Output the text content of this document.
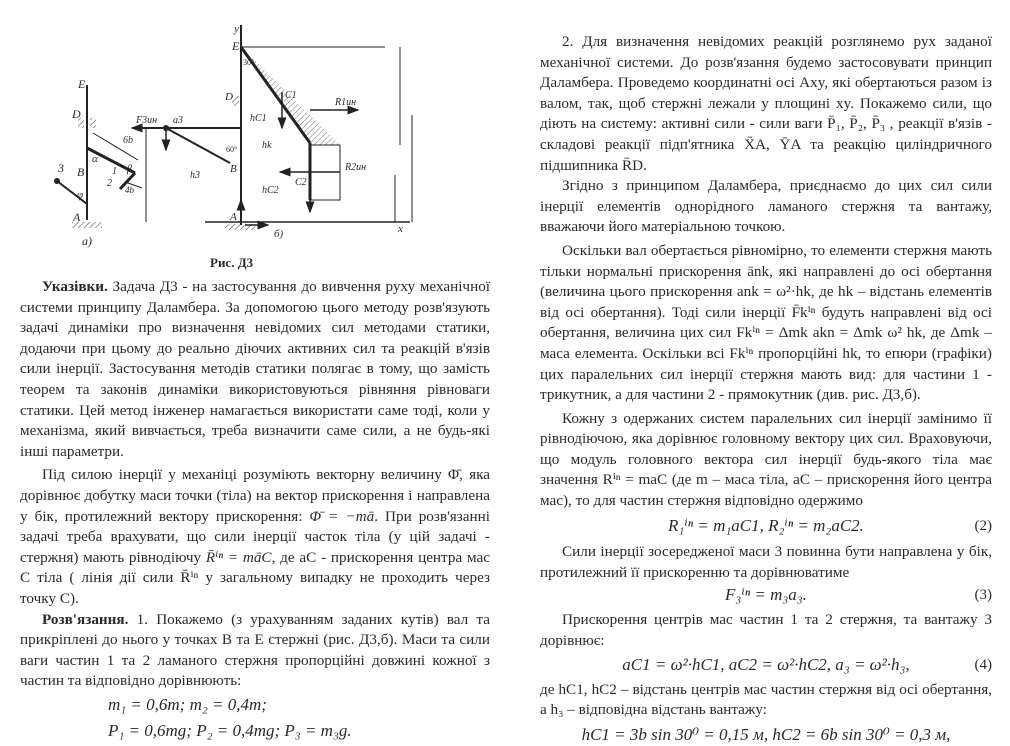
E
D
B
A
3
6b
4b
α
1
2
β
φ
a)
y
x
E
D
B
A
30°
60°
C1
C2
R1ин
R2ин
F3ин a3
h3
hC1
hk
hC2
б)
Рис. Д3

Указівки. Задача Д3 - на застосування до вивчення руху механічної системи принципу Даламбера. За допомогою цього методу розв'язують задачі динаміки про визначення невідомих сил методами статики, додаючи при цьому до реально діючих активних сил та реакцій в'язів сили інерції. Застосування методів статики полягає в тому, що замість теорем та законів динаміки використовуються рівняння рівноваги статики. Цей метод інженер намагається використати саме тоді, коли у механізма, який вивчається, треба визначити саме сили, а не будь-які інші параметри.

Під силою інерції у механіці розуміють векторну величину Φ̄, яка дорівнює добутку маси точки (тіла) на вектор прискорення і направлена у бік, протилежний вектору прискорення: Φ̄ = −mā. При розв'язанні задачі треба врахувати, що сили інерції часток тіла (у цій задачі - стержня) мають рівнодіючу R̄ⁱⁿ = māC, де aC - прискорення центра мас C тіла ( лінія дії сили R̄ⁱⁿ у загальному випадку не проходить через точку C).

Розв'язання. 1. Покажемо (з урахуванням заданих кутів) вал та прикріплені до нього у точках B та E стержні (рис. Д3,б). Маси та сили ваги частин 1 та 2 ламаного стержня пропорційні довжині кожної з частин та відповідно дорівнюють:

m₁ = 0,6m; m₂ = 0,4m;
P₁ = 0,6mg; P₂ = 0,4mg; P₃ = m₃g.

2. Для визначення невідомих реакцій розглянемо рух заданої механічної системи. До розв'язання будемо застосовувати принцип Даламбера. Проведемо координатні осі Axy, які обертаються разом із валом, так, щоб стержні лежали у площині xy. Покажемо сили, що діють на систему: активні сили - сили ваги P̄₁, P̄₂, P̄₃ , реакції в'язів - складові реакції підп'ятника X̄A, ȲA та реакцію циліндричного підшипника R̄D.

Згідно з принципом Даламбера, приєднаємо до цих сил сили інерції елементів однорідного ламаного стержня та вантажу, вважаючи його матеріальною точкою.

Оскільки вал обертається рівномірно, то елементи стержня мають тільки нормальні прискорення ānk, які направлені до осі обертання (величина цього прискорення ank = ω²·hk, де hk – відстань елементів від осі обертання). Тоді сили інерції F̄kⁱⁿ будуть направлені від осі обертання, величина цих сил Fkⁱⁿ = Δmk akn = Δmk ω² hk, де Δmk – маса елемента. Оскільки всі Fkⁱⁿ пропорційні hk, то епюри (графіки) цих паралельних сил інерції стержня мають вид: для частини 1 - трикутник, а для частини 2 - прямокутник (див. рис. Д3,б).

Кожну з одержаних систем паралельних сил інерції замінимо її рівнодіючою, яка дорівнює головному вектору цих сил. Враховуючи, що модуль головного вектора сил інерції будь-якого тіла має значення Rⁱⁿ = maC (де m – маса тіла, aC – прискорення його центра мас), то для частин стержня відповідно одержимо

R₁ⁱⁿ = m₁aC1, R₂ⁱⁿ = m₂aC2.	(2)

Сили інерції зосередженої маси 3 повинна бути направлена у бік, протилежний її прискоренню та дорівнюватиме

F₃ⁱⁿ = m₃a₃.	(3)

Прискорення центрів мас частин 1 та 2 стержня, та вантажу 3 дорівнює:

aC1 = ω²·hC1, aC2 = ω²·hC2, a₃ = ω²·h₃,	(4)

де hC1, hC2 – відстань центрів мас частин стержня від осі обертання, а h₃ – відповідна відстань вантажу:

hC1 = 3b sin 30⁰ = 0,15 м, hC2 = 6b sin 30⁰ = 0,3 м,
